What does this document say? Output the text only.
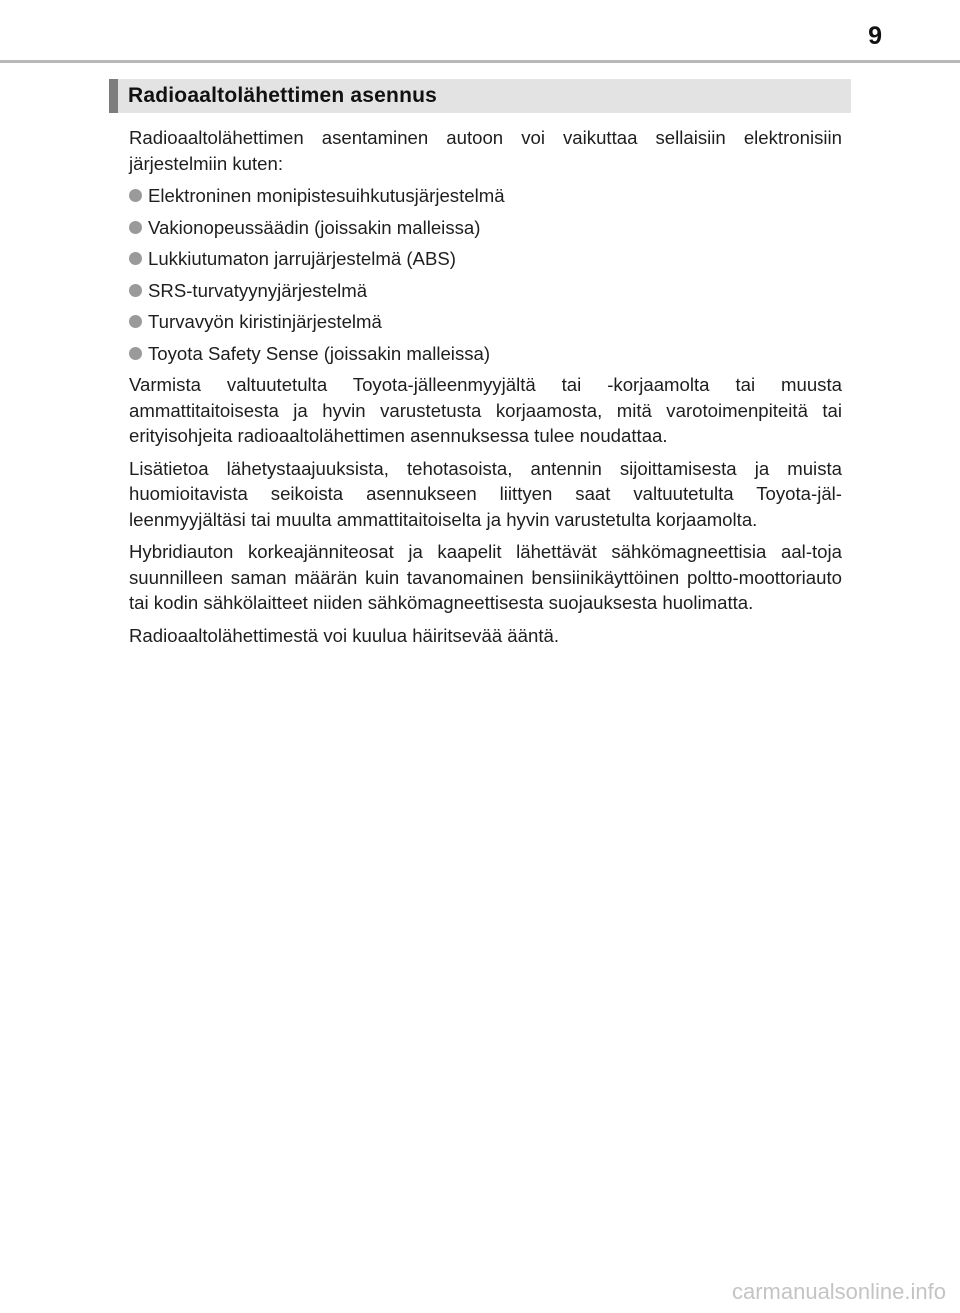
9
Radioaaltolähettimen asennus

Radioaaltolähettimen asentaminen autoon voi vaikuttaa sellaisiin elektronisiin järjestelmiin kuten:

Elektroninen monipistesuihkutusjärjestelmä
Vakionopeussäädin (joissakin malleissa)
Lukkiutumaton jarrujärjestelmä (ABS)
SRS-turvatyynyjärjestelmä
Turvavyön kiristinjärjestelmä
Toyota Safety Sense (joissakin malleissa)

Varmista valtuutetulta Toyota-jälleenmyyjältä tai -korjaamolta tai muusta ammattitaitoisesta ja hyvin varustetusta korjaamosta, mitä varotoimenpiteitä tai erityisohjeita radioaaltolähettimen asennuksessa tulee noudattaa.

Lisätietoa lähetystaajuuksista, tehotasoista, antennin sijoittamisesta ja muista huomioitavista seikoista asennukseen liittyen saat valtuutetulta Toyota-jäl-leenmyyjältäsi tai muulta ammattitaitoiselta ja hyvin varustetulta korjaamolta.

Hybridiauton korkeajänniteosat ja kaapelit lähettävät sähkömagneettisia aal-toja suunnilleen saman määrän kuin tavanomainen bensiinikäyttöinen poltto-moottoriauto tai kodin sähkölaitteet niiden sähkömagneettisesta suojauksesta huolimatta.

Radioaaltolähettimestä voi kuulua häiritsevää ääntä.

carmanualsonline.info
